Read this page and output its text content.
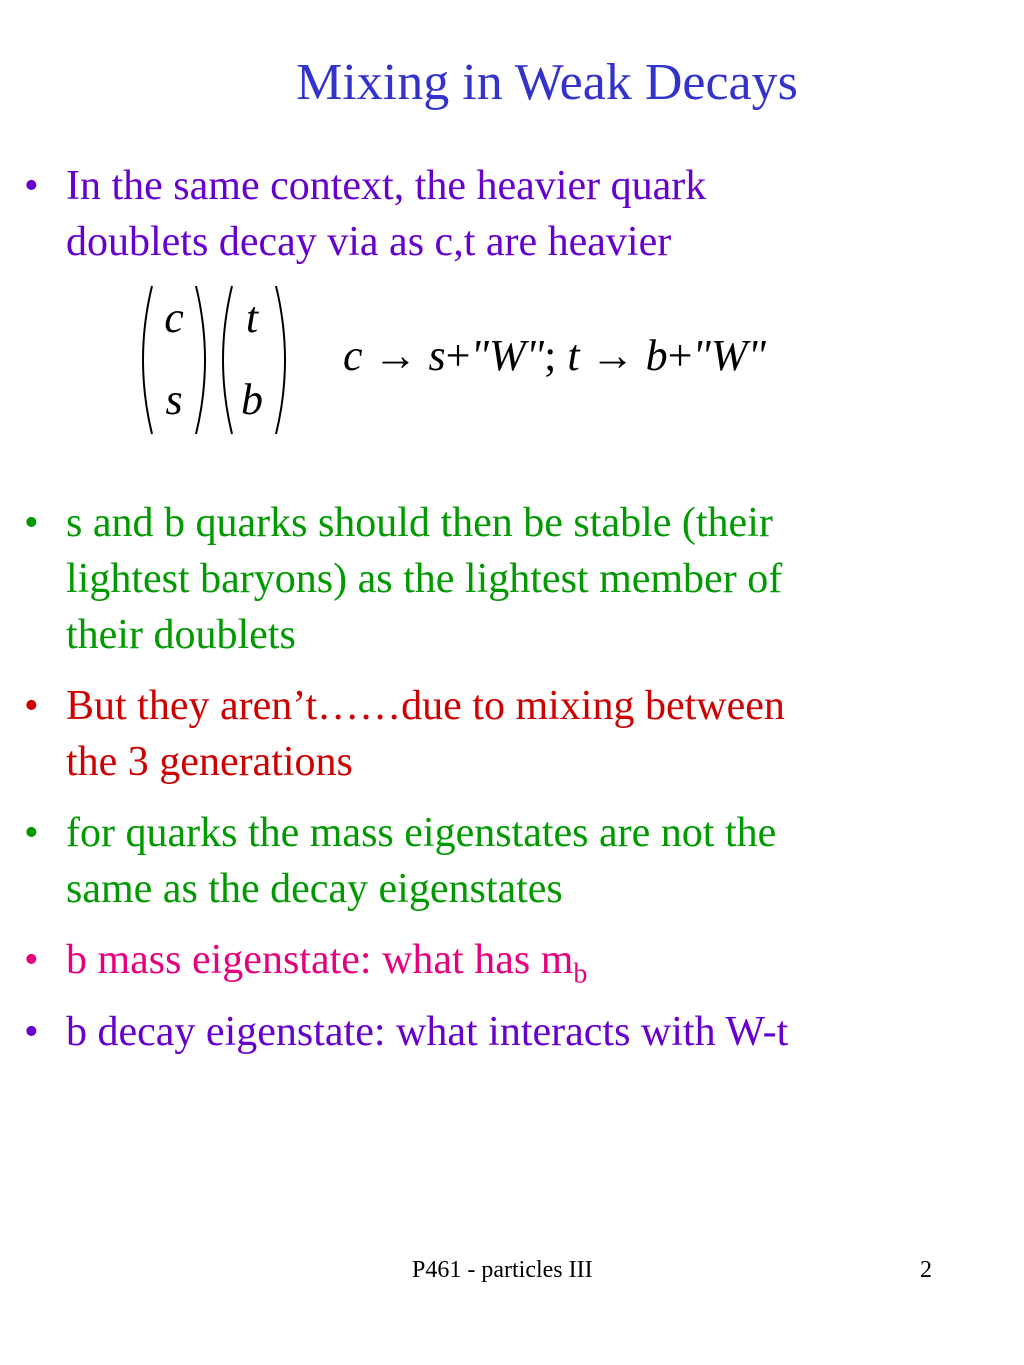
Mixing in Weak Decays
• In the same context, the heavier quark
doublets decay via as c,t are heavier
c
s
t
b
c → s+"W"; t → b+"W"
• s and b quarks should then be stable (their
lightest baryons) as the lightest member of
their doublets
• But they aren’t……due to mixing between
the 3 generations
• for quarks the mass eigenstates are not the
same as the decay eigenstates
• b mass eigenstate: what has $m_b$
• b decay eigenstate: what interacts with W-t
P461 - particles III	2
